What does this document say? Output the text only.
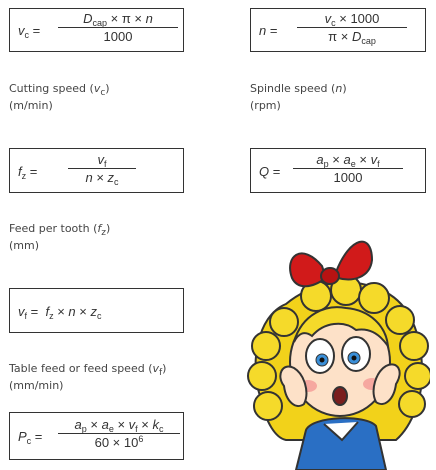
$v_c$ =
$D_{cap} \times \pi \times n$
1000	n =
$v_c \times 1000$
$\pi \times D_{cap}$
Cutting speed $(v_c)$
(m/min)
Spindle speed (n)
(rpm)
$f_z$ =
$v_f$
$n \times z_c$
Q =
$a_p \times a_e \times v_f$
1000
Feed per tooth $(f_z)$
(mm)
$v_f = f_z \times n \times z_c$
Table feed or feed speed $(v_f)$
(mm/min)
$P_c$ =
$a_p \times a_e \times v_f \times k_c$
$60 \times 10^6$
